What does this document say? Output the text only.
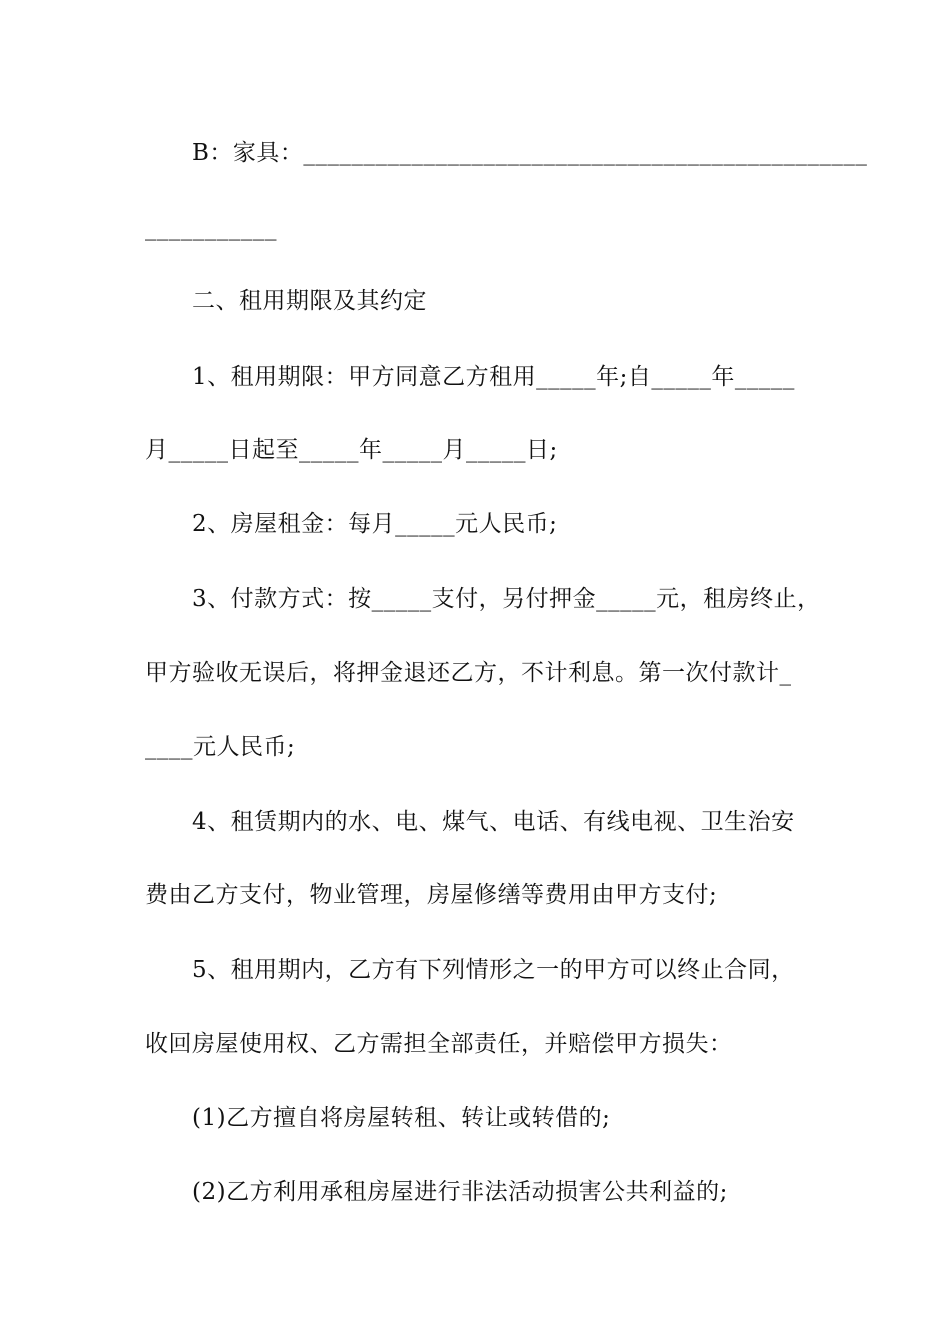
B：家具：_______________________________________________
___________
二、租用期限及其约定
1、租用期限：甲方同意乙方租用_____年;自_____年_____
月_____日起至_____年_____月_____日;
2、房屋租金：每月_____元人民币;
3、付款方式：按_____支付，另付押金_____元，租房终止，
甲方验收无误后，将押金退还乙方，不计利息。第一次付款计_
____元人民币;
4、租赁期内的水、电、煤气、电话、有线电视、卫生治安
费由乙方支付，物业管理，房屋修缮等费用由甲方支付;
5、租用期内，乙方有下列情形之一的甲方可以终止合同，
收回房屋使用权、乙方需担全部责任，并赔偿甲方损失：
(1)乙方擅自将房屋转租、转让或转借的;
(2)乙方利用承租房屋进行非法活动损害公共利益的;
